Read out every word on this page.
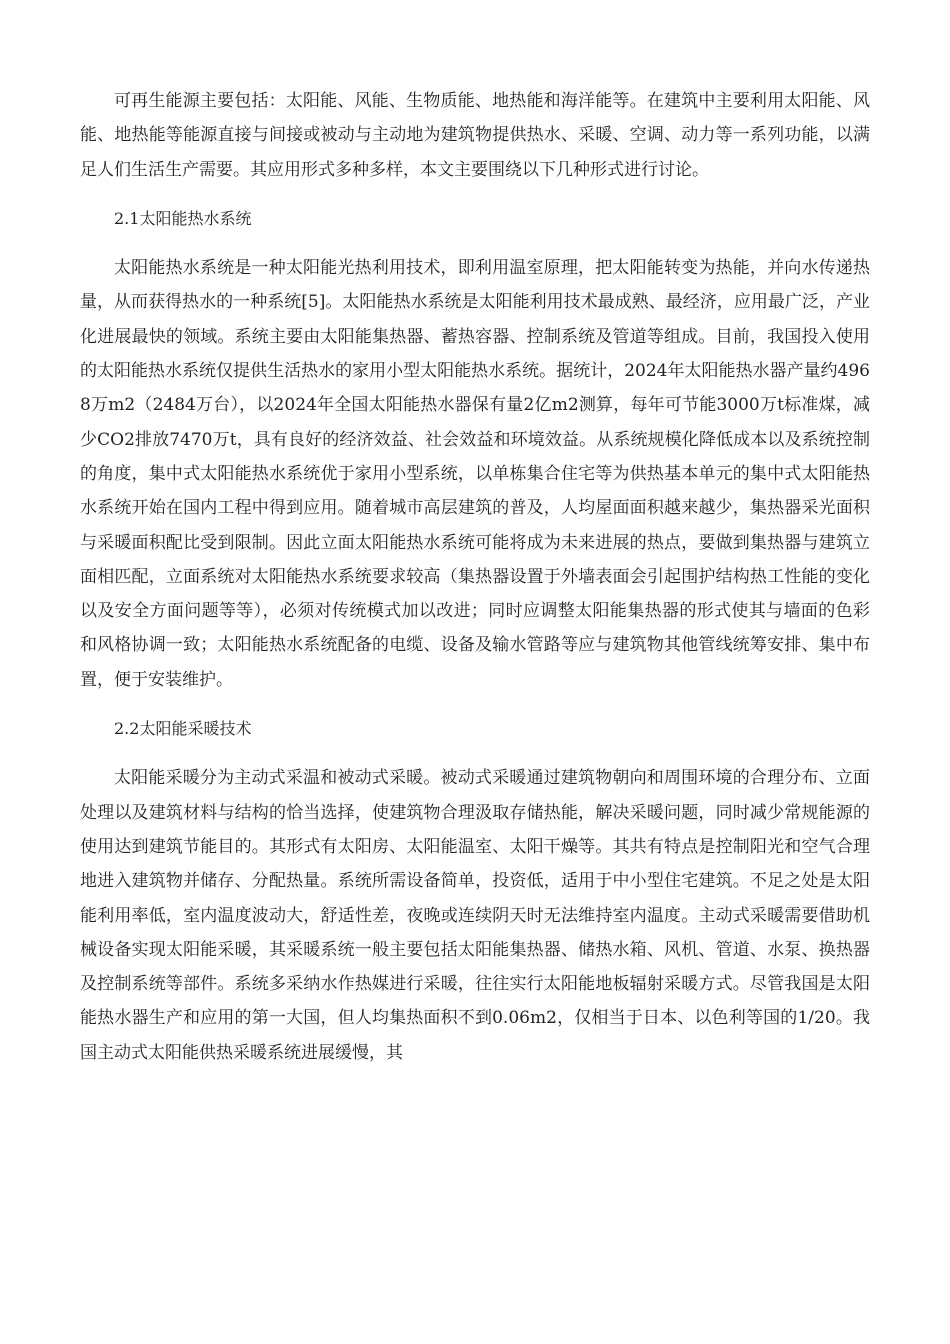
可再生能源主要包括：太阳能、风能、生物质能、地热能和海洋能等。在建筑中主要利用太阳能、风能、地热能等能源直接与间接或被动与主动地为建筑物提供热水、采暖、空调、动力等一系列功能，以满足人们生活生产需要。其应用形式多种多样，本文主要围绕以下几种形式进行讨论。

2.1太阳能热水系统

太阳能热水系统是一种太阳能光热利用技术，即利用温室原理，把太阳能转变为热能，并向水传递热量，从而获得热水的一种系统[5]。太阳能热水系统是太阳能利用技术最成熟、最经济，应用最广泛，产业化进展最快的领域。系统主要由太阳能集热器、蓄热容器、控制系统及管道等组成。目前，我国投入使用的太阳能热水系统仅提供生活热水的家用小型太阳能热水系统。据统计，2024年太阳能热水器产量约4968万m2（2484万台），以2024年全国太阳能热水器保有量2亿m2测算，每年可节能3000万t标准煤，减少CO2排放7470万t，具有良好的经济效益、社会效益和环境效益。从系统规模化降低成本以及系统控制的角度，集中式太阳能热水系统优于家用小型系统，以单栋集合住宅等为供热基本单元的集中式太阳能热水系统开始在国内工程中得到应用。随着城市高层建筑的普及，人均屋面面积越来越少，集热器采光面积与采暖面积配比受到限制。因此立面太阳能热水系统可能将成为未来进展的热点，要做到集热器与建筑立面相匹配，立面系统对太阳能热水系统要求较高（集热器设置于外墙表面会引起围护结构热工性能的变化以及安全方面问题等等），必须对传统模式加以改进；同时应调整太阳能集热器的形式使其与墙面的色彩和风格协调一致；太阳能热水系统配备的电缆、设备及输水管路等应与建筑物其他管线统筹安排、集中布置，便于安装维护。

2.2太阳能采暖技术

太阳能采暖分为主动式采温和被动式采暖。被动式采暖通过建筑物朝向和周围环境的合理分布、立面处理以及建筑材料与结构的恰当选择，使建筑物合理汲取存储热能，解决采暖问题，同时减少常规能源的使用达到建筑节能目的。其形式有太阳房、太阳能温室、太阳干燥等。其共有特点是控制阳光和空气合理地进入建筑物并储存、分配热量。系统所需设备简单，投资低，适用于中小型住宅建筑。不足之处是太阳能利用率低，室内温度波动大，舒适性差，夜晚或连续阴天时无法维持室内温度。主动式采暖需要借助机械设备实现太阳能采暖，其采暖系统一般主要包括太阳能集热器、储热水箱、风机、管道、水泵、换热器及控制系统等部件。系统多采纳水作热媒进行采暖，往往实行太阳能地板辐射采暖方式。尽管我国是太阳能热水器生产和应用的第一大国，但人均集热面积不到0.06m2，仅相当于日本、以色利等国的1/20。我国主动式太阳能供热采暖系统进展缓慢，其
